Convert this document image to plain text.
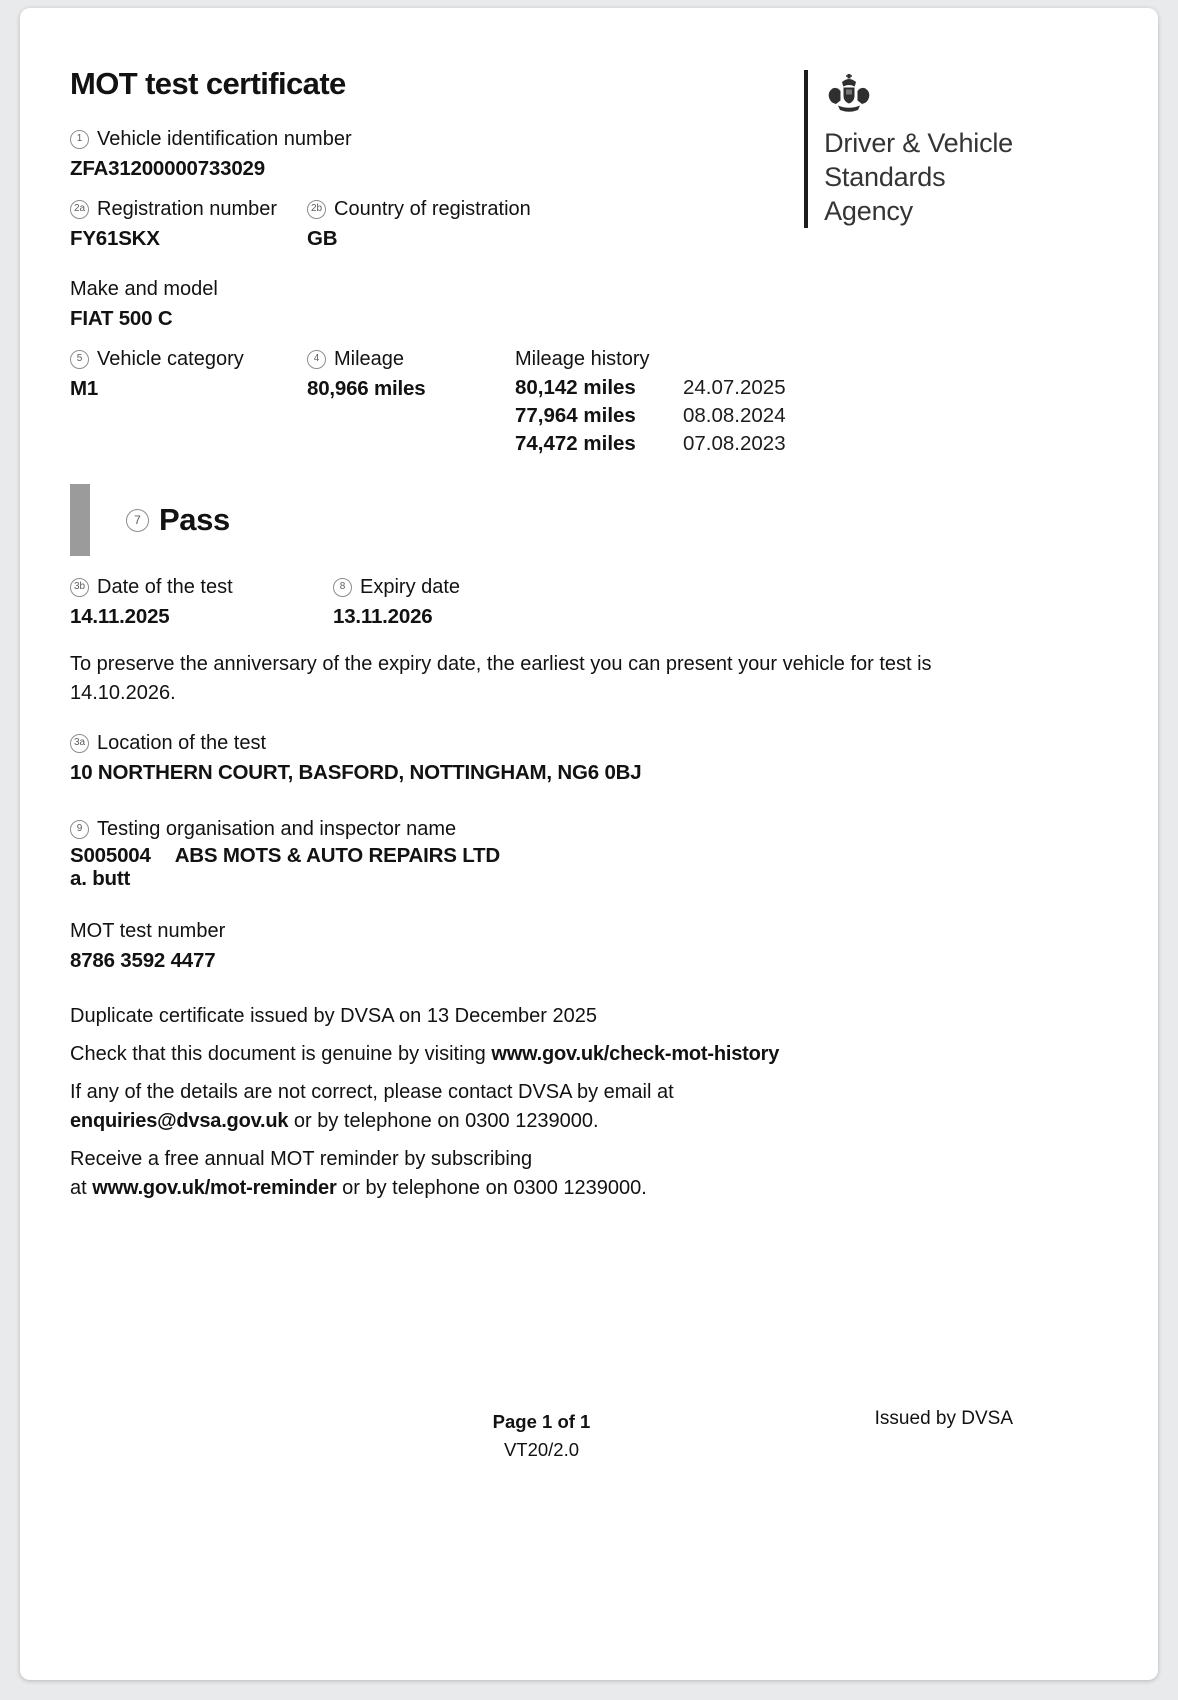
Driver & Vehicle
Standards
Agency
MOT test certificate
1 Vehicle identification number
ZFA31200000733029
2a Registration number
FY61SKX
2b Country of registration
GB
Make and model
FIAT 500 C
5 Vehicle category
M1
4 Mileage
80,966 miles
Mileage history
80,142 miles	24.07.2025
77,964 miles	08.08.2024
74,472 miles	07.08.2023
7 Pass
3b Date of the test
14.11.2025
8 Expiry date
13.11.2026

To preserve the anniversary of the expiry date, the earliest you can present your vehicle for test is 14.10.2026.

3a Location of the test
10 NORTHERN COURT, BASFORD, NOTTINGHAM, NG6 0BJ
9 Testing organisation and inspector name
S005004 ABS MOTS & AUTO REPAIRS LTD
a. butt
MOT test number
8786 3592 4477

Duplicate certificate issued by DVSA on 13 December 2025

Check that this document is genuine by visiting www.gov.uk/check-mot-history

If any of the details are not correct, please contact DVSA by email at
enquiries@dvsa.gov.uk or by telephone on 0300 1239000.

Receive a free annual MOT reminder by subscribing
at www.gov.uk/mot-reminder or by telephone on 0300 1239000.

Page 1 of 1
VT20/2.0
Issued by DVSA
